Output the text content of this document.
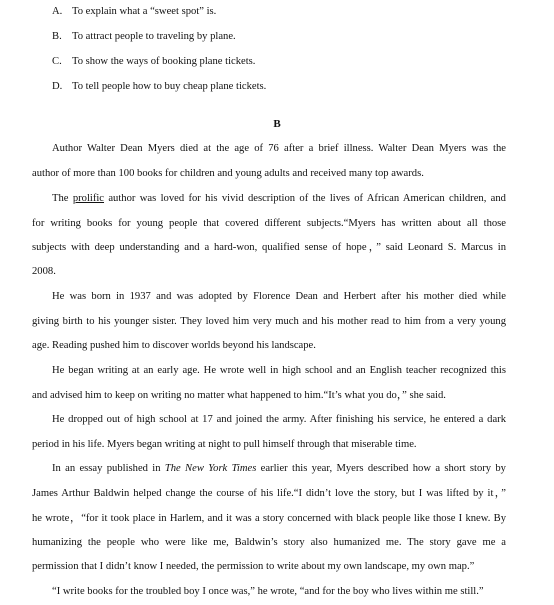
A. To explain what a “sweet spot” is.
B. To attract people to traveling by plane.
C. To show the ways of booking plane tickets.
D. To tell people how to buy cheap plane tickets.
B
Author Walter Dean Myers died at the age of 76 after a brief illness. Walter Dean Myers was the
author of more than 100 books for children and young adults and received many top awards.
The prolific author was loved for his vivid description of the lives of African American children, and
for writing books for young people that covered different subjects.“Myers has written about all those
subjects with deep understanding and a hard-won, qualified sense of hope，” said Leonard S. Marcus in
2008.
He was born in 1937 and was adopted by Florence Dean and Herbert after his mother died while
giving birth to his younger sister. They loved him very much and his mother read to him from a very young
age. Reading pushed him to discover worlds beyond his landscape.
He began writing at an early age. He wrote well in high school and an English teacher recognized this
and advised him to keep on writing no matter what happened to him.“It’s what you do，” she said.
He dropped out of high school at 17 and joined the army. After finishing his service, he entered a dark
period in his life. Myers began writing at night to pull himself through that miserable time.
In an essay published in The New York Times earlier this year, Myers described how a short story by
James Arthur Baldwin helped change the course of his life.“I didn’t love the story, but I was lifted by it，”
he wrote，“for it took place in Harlem, and it was a story concerned with black people like those I knew. By
humanizing the people who were like me, Baldwin’s story also humanized me. The story gave me a
permission that I didn’t know I needed, the permission to write about my own landscape, my own map.”
“I write books for the troubled boy I once was,” he wrote, “and for the boy who lives within me still.”
